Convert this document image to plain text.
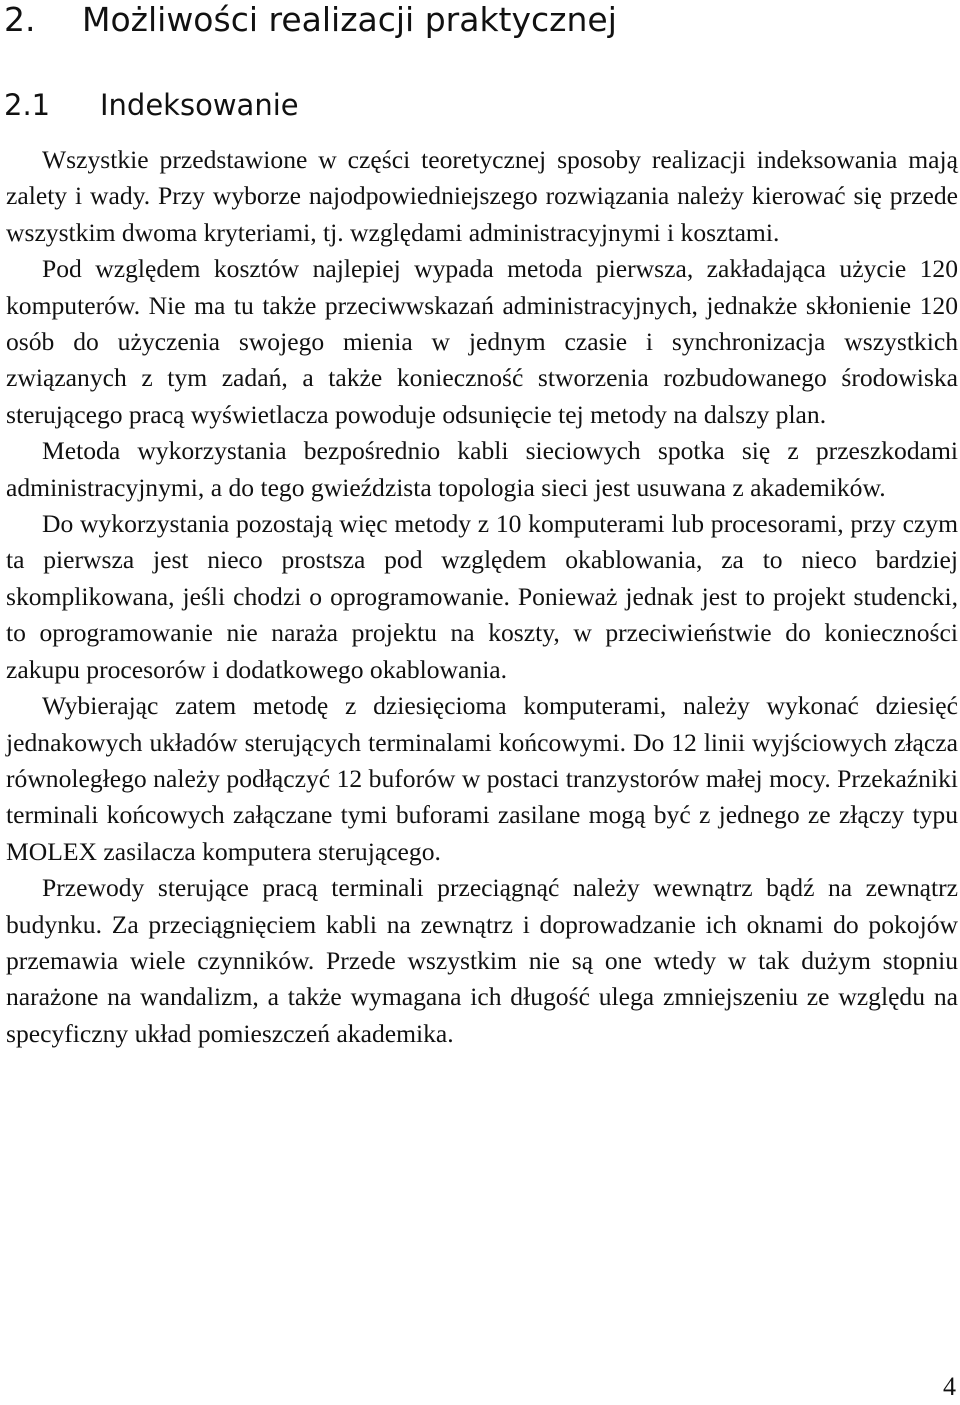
2. Możliwości realizacji praktycznej
2.1 Indeksowanie

Wszystkie przedstawione w części teoretycznej sposoby realizacji indeksowania mają zalety i wady. Przy wyborze najodpowiedniejszego rozwiązania należy kierować się przede wszystkim dwoma kryteriami, tj. względami administracyjnymi i kosztami.

Pod względem kosztów najlepiej wypada metoda pierwsza, zakładająca użycie 120 komputerów. Nie ma tu także przeciwwskazań administracyjnych, jednakże skłonienie 120 osób do użyczenia swojego mienia w jednym czasie i synchronizacja wszystkich związanych z tym zadań, a także konieczność stworzenia rozbudowanego środowiska sterującego pracą wyświetlacza powoduje odsunięcie tej metody na dalszy plan.

Metoda wykorzystania bezpośrednio kabli sieciowych spotka się z przeszkodami administracyjnymi, a do tego gwieździsta topologia sieci jest usuwana z akademików.

Do wykorzystania pozostają więc metody z 10 komputerami lub procesorami, przy czym ta pierwsza jest nieco prostsza pod względem okablowania, za to nieco bardziej skomplikowana, jeśli chodzi o oprogramowanie. Ponieważ jednak jest to projekt studencki, to oprogramowanie nie naraża projektu na koszty, w przeciwieństwie do konieczności zakupu procesorów i dodatkowego okablowania.

Wybierając zatem metodę z dziesięcioma komputerami, należy wykonać dziesięć jednakowych układów sterujących terminalami końcowymi. Do 12 linii wyjściowych złącza równoległego należy podłączyć 12 buforów w postaci tranzystorów małej mocy. Przekaźniki terminali końcowych załączane tymi buforami zasilane mogą być z jednego ze złączy typu MOLEX zasilacza komputera sterującego.

Przewody sterujące pracą terminali przeciągnąć należy wewnątrz bądź na zewnątrz budynku. Za przeciągnięciem kabli na zewnątrz i doprowadzanie ich oknami do pokojów przemawia wiele czynników. Przede wszystkim nie są one wtedy w tak dużym stopniu narażone na wandalizm, a także wymagana ich długość ulega zmniejszeniu ze względu na specyficzny układ pomieszczeń akademika.

4
